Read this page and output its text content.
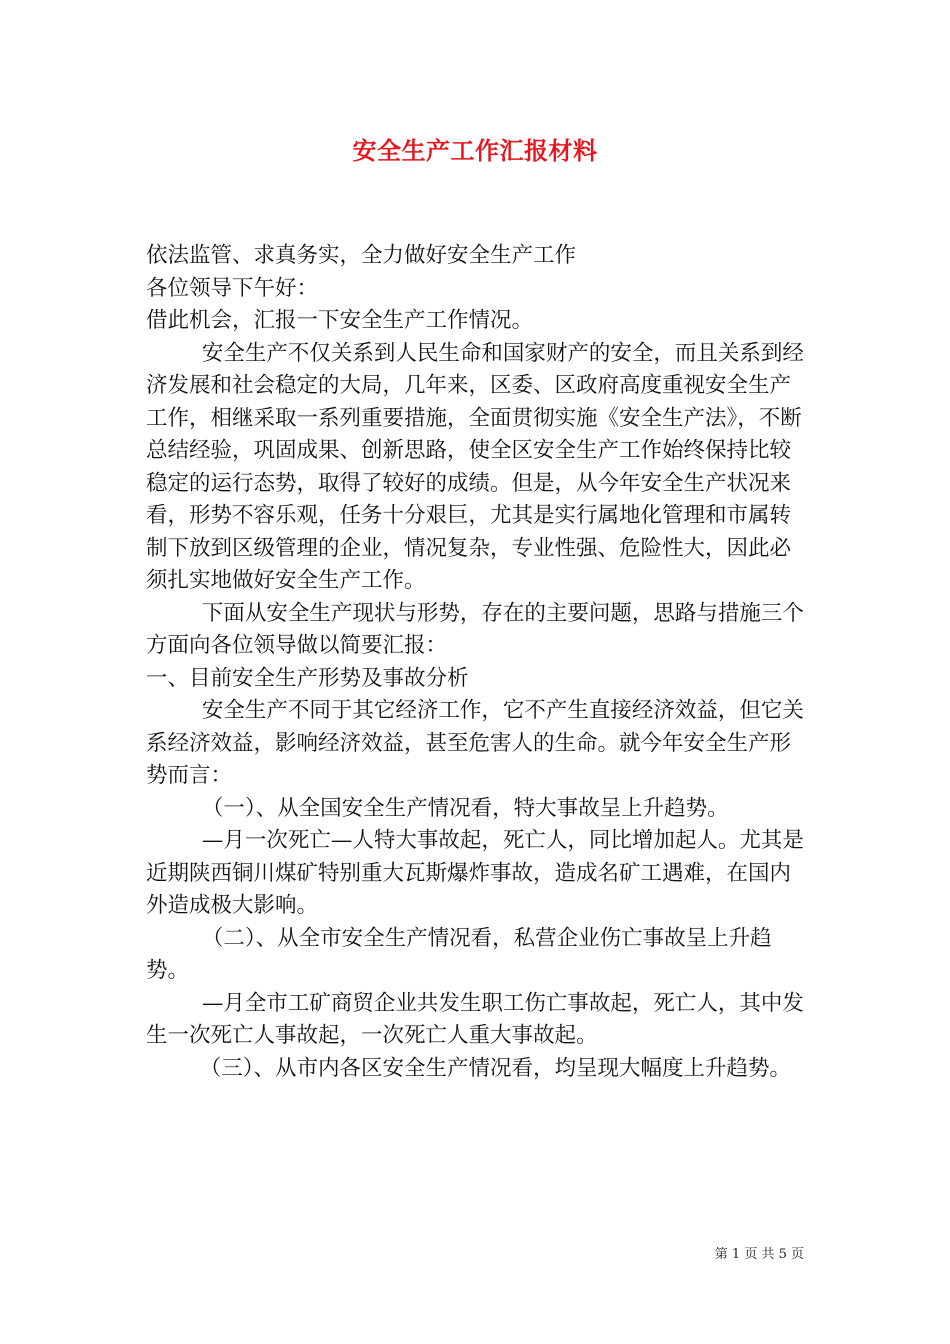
安全生产工作汇报材料

依法监管、求真务实，全力做好安全生产工作

各位领导下午好：

借此机会，汇报一下安全生产工作情况。

安全生产不仅关系到人民生命和国家财产的安全，而且关系到经济发展和社会稳定的大局，几年来，区委、区政府高度重视安全生产工作，相继采取一系列重要措施，全面贯彻实施《安全生产法》，不断总结经验，巩固成果、创新思路，使全区安全生产工作始终保持比较稳定的运行态势，取得了较好的成绩。但是，从今年安全生产状况来看，形势不容乐观，任务十分艰巨，尤其是实行属地化管理和市属转制下放到区级管理的企业，情况复杂，专业性强、危险性大，因此必须扎实地做好安全生产工作。

下面从安全生产现状与形势，存在的主要问题，思路与措施三个方面向各位领导做以简要汇报：

一、目前安全生产形势及事故分析

安全生产不同于其它经济工作，它不产生直接经济效益，但它关系经济效益，影响经济效益，甚至危害人的生命。就今年安全生产形势而言：

（一）、从全国安全生产情况看，特大事故呈上升趋势。

—月一次死亡—人特大事故起，死亡人，同比增加起人。尤其是近期陕西铜川煤矿特别重大瓦斯爆炸事故，造成名矿工遇难，在国内外造成极大影响。

（二）、从全市安全生产情况看，私营企业伤亡事故呈上升趋势。

—月全市工矿商贸企业共发生职工伤亡事故起，死亡人，其中发生一次死亡人事故起，一次死亡人重大事故起。

（三）、从市内各区安全生产情况看，均呈现大幅度上升趋势。

第 1 页 共 5 页
